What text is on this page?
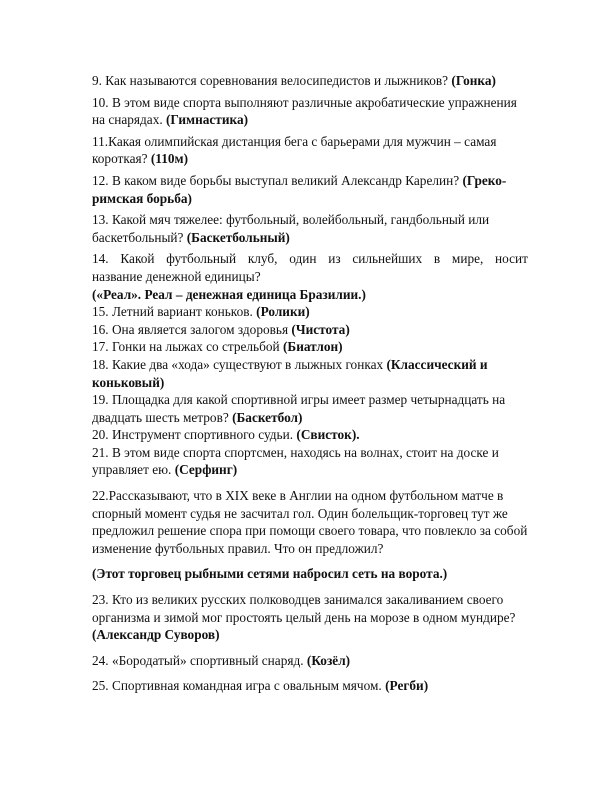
9. Как называются соревнования велосипедистов и лыжников? (Гонка)

10. В этом виде спорта выполняют различные акробатические упражнения на снарядах. (Гимнастика)

11.Какая олимпийская дистанция бега с барьерами для мужчин – самая короткая? (110м)

12. В каком виде борьбы выступал великий Александр Карелин? (Греко-римская борьба)

13. Какой мяч тяжелее: футбольный, волейбольный, гандбольный или баскетбольный? (Баскетбольный)

14. Какой футбольный клуб, один из сильнейших в мире, носит

название денежной единицы?

(«Реал». Реал – денежная единица Бразилии.)

15. Летний вариант коньков. (Ролики)

16. Она является залогом здоровья (Чистота)

17. Гонки на лыжах со стрельбой (Биатлон)

18. Какие два «хода» существуют в лыжных гонках (Классический и коньковый)

19. Площадка для какой спортивной игры имеет размер четырнадцать на двадцать шесть метров? (Баскетбол)

20. Инструмент спортивного судьи. (Свисток).

21. В этом виде спорта спортсмен, находясь на волнах, стоит на доске и управляет ею. (Серфинг)

22.Рассказывают, что в XIX веке в Англии на одном футбольном матче в спорный момент судья не засчитал гол. Один болельщик-торговец тут же предложил решение спора при помощи своего товара, что повлекло за собой изменение футбольных правил. Что он предложил?

(Этот торговец рыбными сетями набросил сеть на ворота.)

23. Кто из великих русских полководцев занимался закаливанием своего организма и зимой мог простоять целый день на морозе в одном мундире? (Александр Суворов)

24. «Бородатый» спортивный снаряд. (Козёл)

25. Спортивная командная игра с овальным мячом. (Регби)
